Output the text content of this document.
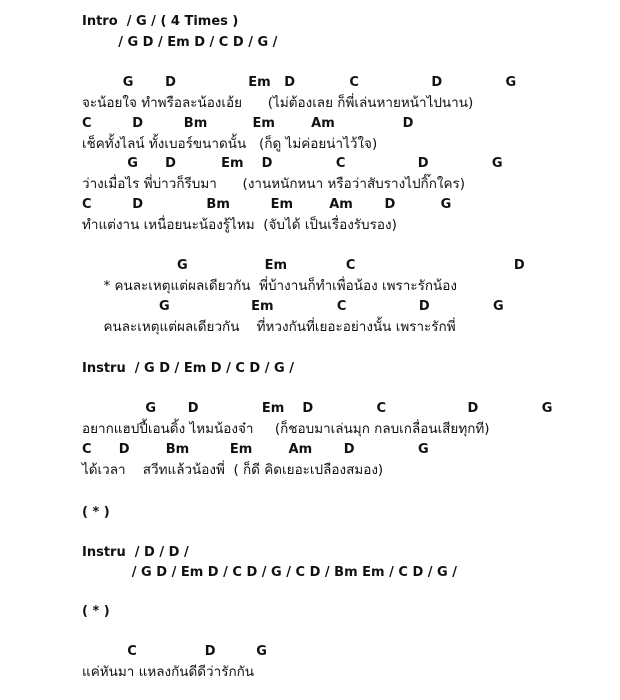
Intro  / G / ( 4 Times )
/ G D / Em D / C D / G /
G       D                Em   D            C                D              G
จะน้อยใจ ทำพรือละน้องเอ้ย      (ไม่ต้องเลย ก็พี่เล่นหายหน้าไปนาน)
C         D         Bm          Em        Am               D
เช็คทั้งไลน์ ทั้งเบอร์ขนาดนั้น   (ก็ดู ไม่ค่อยน่าไว้ใจ)
G      D          Em    D              C                D              G
ว่างเมื่อไร พี่บ่าวก็รีบมา      (งานหนักหนา หรือว่าสับรางไปกิ๊กใคร)
C         D              Bm         Em        Am       D          G
ทำแต่งาน เหนื่อยนะน้องรู้ไหม  (จับได้ เป็นเรื่องรับรอง)
G                 Em             C                                   D
* คนละเหตุแต่ผลเดียวกัน  พี่บ้างานก็ทำเพื่อน้อง เพราะรักน้อง
G                  Em              C                D              G
คนละเหตุแต่ผลเดียวกัน    ที่หวงกันที่เยอะอย่างนั้น เพราะรักพี่
Instru  / G D / Em D / C D / G /
G       D              Em    D              C                  D              G
อยากแฮปปี้เอนดิ้ง ไหมน้องจ๋า     (ก็ชอบมาเล่นมุก กลบเกลื่อนเสียทุกที)
C      D        Bm         Em        Am       D              G
ได้เวลา    สวีทแล้วน้องพี่  ( ก็ดี คิดเยอะเปลืองสมอง)
( * )
Instru  / D / D /
/ G D / Em D / C D / G / C D / Bm Em / C D / G /
( * )
C               D         G
แค่หันมา แหลงกันดีดีว่ารักกัน
